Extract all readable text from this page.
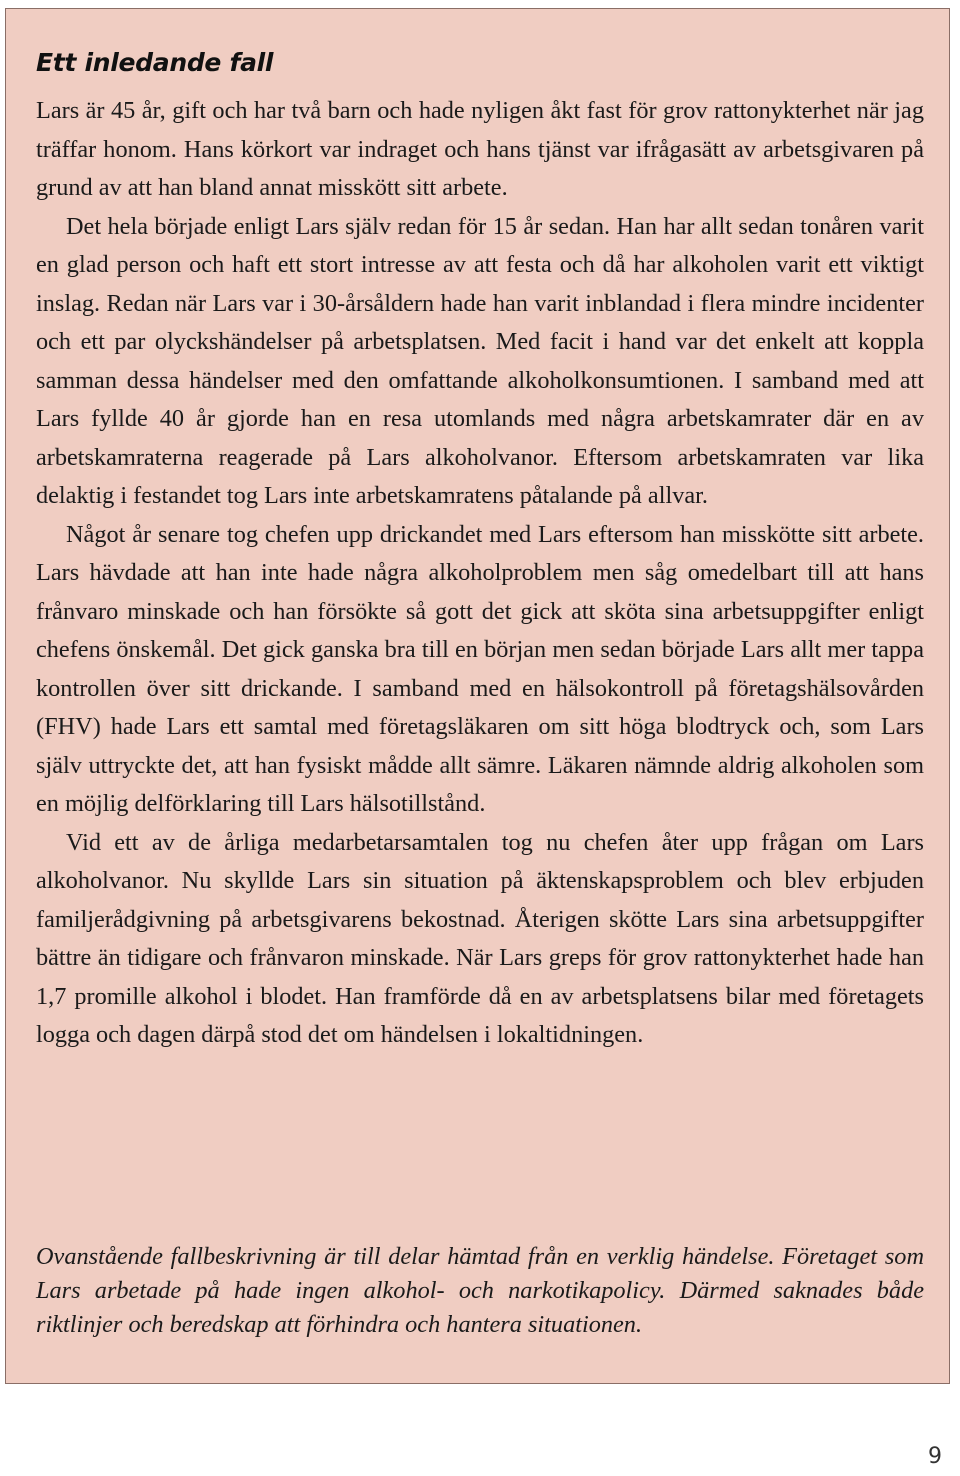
Ett inledande fall

Lars är 45 år, gift och har två barn och hade nyligen åkt fast för grov rattonykterhet när jag träffar honom. Hans körkort var indraget och hans tjänst var ifrågasätt av arbetsgivaren på grund av att han bland annat misskött sitt arbete.

Det hela började enligt Lars själv redan för 15 år sedan. Han har allt sedan tonåren varit en glad person och haft ett stort intresse av att festa och då har alkoholen varit ett viktigt inslag. Redan när Lars var i 30-årsåldern hade han varit inblandad i flera mindre incidenter och ett par olyckshändelser på arbetsplatsen. Med facit i hand var det enkelt att koppla samman dessa händelser med den omfattande alkoholkonsumtionen. I samband med att Lars fyllde 40 år gjorde han en resa utomlands med några arbetskamrater där en av arbetskamraterna reagerade på Lars alkoholvanor. Eftersom arbetskamraten var lika delaktig i festandet tog Lars inte arbetskamratens påtalande på allvar.

Något år senare tog chefen upp drickandet med Lars eftersom han misskötte sitt arbete. Lars hävdade att han inte hade några alkoholproblem men såg omedelbart till att hans frånvaro minskade och han försökte så gott det gick att sköta sina arbetsuppgifter enligt chefens önskemål. Det gick ganska bra till en början men sedan började Lars allt mer tappa kontrollen över sitt drickande. I samband med en hälsokontroll på företagshälsovården (FHV) hade Lars ett samtal med företagsläkaren om sitt höga blodtryck och, som Lars själv uttryckte det, att han fysiskt mådde allt sämre. Läkaren nämnde aldrig alkoholen som en möjlig delförklaring till Lars hälsotillstånd.

Vid ett av de årliga medarbetarsamtalen tog nu chefen åter upp frågan om Lars alkoholvanor. Nu skyllde Lars sin situation på äktenskapsproblem och blev erbjuden familjerådgivning på arbetsgivarens bekostnad. Återigen skötte Lars sina arbetsuppgifter bättre än tidigare och frånvaron minskade. När Lars greps för grov rattonykterhet hade han 1,7 promille alkohol i blodet. Han framförde då en av arbetsplatsens bilar med företagets logga och dagen därpå stod det om händelsen i lokaltidningen.

Ovanstående fallbeskrivning är till delar hämtad från en verklig händelse. Företaget som Lars arbetade på hade ingen alkohol- och narkotikapolicy. Därmed saknades både riktlinjer och beredskap att förhindra och hantera situationen.

9
